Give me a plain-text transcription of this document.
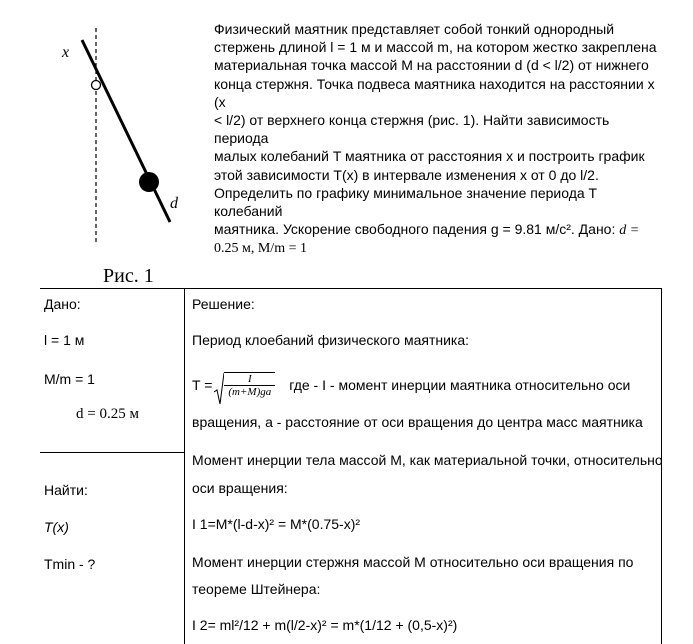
x
d
Рис. 1

Физический маятник представляет собой тонкий однородный

стержень длиной l = 1 м и массой m, на котором жестко закреплена

материальная точка массой M на расстоянии d (d < l/2) от нижнего

конца стержня. Точка подвеса маятника находится на расстоянии x (x

< l/2) от верхнего конца стержня (рис. 1). Найти зависимость периода

малых колебаний T маятника от расстояния x и построить график

этой зависимости T(x) в интервале изменения x от 0 до l/2.

Определить по графику минимальное значение периода T колебаний

маятника. Ускорение свободного падения g = 9.81 м/с². Дано: d =

0.25 м, M/m = 1

Дано:
l = 1 м
M/m = 1
d = 0.25 м
Найти:
T(x)
Tmin - ?
Решение:
Период клоебаний физического маятника:
$T = \frac{I}{(m+M)ga}$ где - I - момент инерции маятника относительно оси
вращения, а - расстояние от оси вращения до центра масс маятника
Момент инерции тела массой M, как материальной точки, относительно
оси вращения:
I 1=M*(l-d-x)² = M*(0.75-x)²
Момент инерции стержня массой M относительно оси вращения по
теореме Штейнера:
I 2= ml²/12 + m(l/2-x)² = m*(1/12 + (0,5-x)²)
